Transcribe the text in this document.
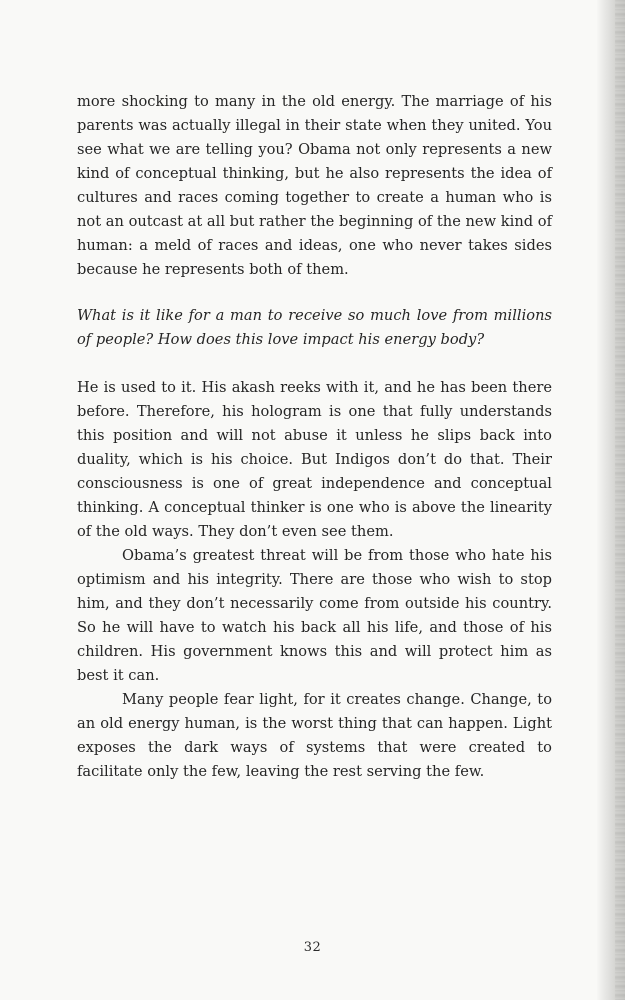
more shocking to many in the old energy. The marriage of his parents was actually illegal in their state when they united. You see what we are telling you? Obama not only represents a new kind of conceptual thinking, but he also represents the idea of cultures and races coming together to create a human who is not an outcast at all but rather the beginning of the new kind of human: a meld of races and ideas, one who never takes sides because he represents both of them.

What is it like for a man to receive so much love from millions of people? How does this love impact his energy body?

He is used to it. His akash reeks with it, and he has been there before. Therefore, his hologram is one that fully understands this position and will not abuse it unless he slips back into duality, which is his choice. But Indigos don’t do that. Their consciousness is one of great independence and conceptual thinking. A conceptual thinker is one who is above the linearity of the old ways. They don’t even see them.

Obama’s greatest threat will be from those who hate his optimism and his integrity. There are those who wish to stop him, and they don’t necessarily come from outside his country. So he will have to watch his back all his life, and those of his children. His government knows this and will protect him as best it can.

Many people fear light, for it creates change. Change, to an old energy human, is the worst thing that can happen. Light exposes the dark ways of systems that were created to facilitate only the few, leaving the rest serving the few.

32
